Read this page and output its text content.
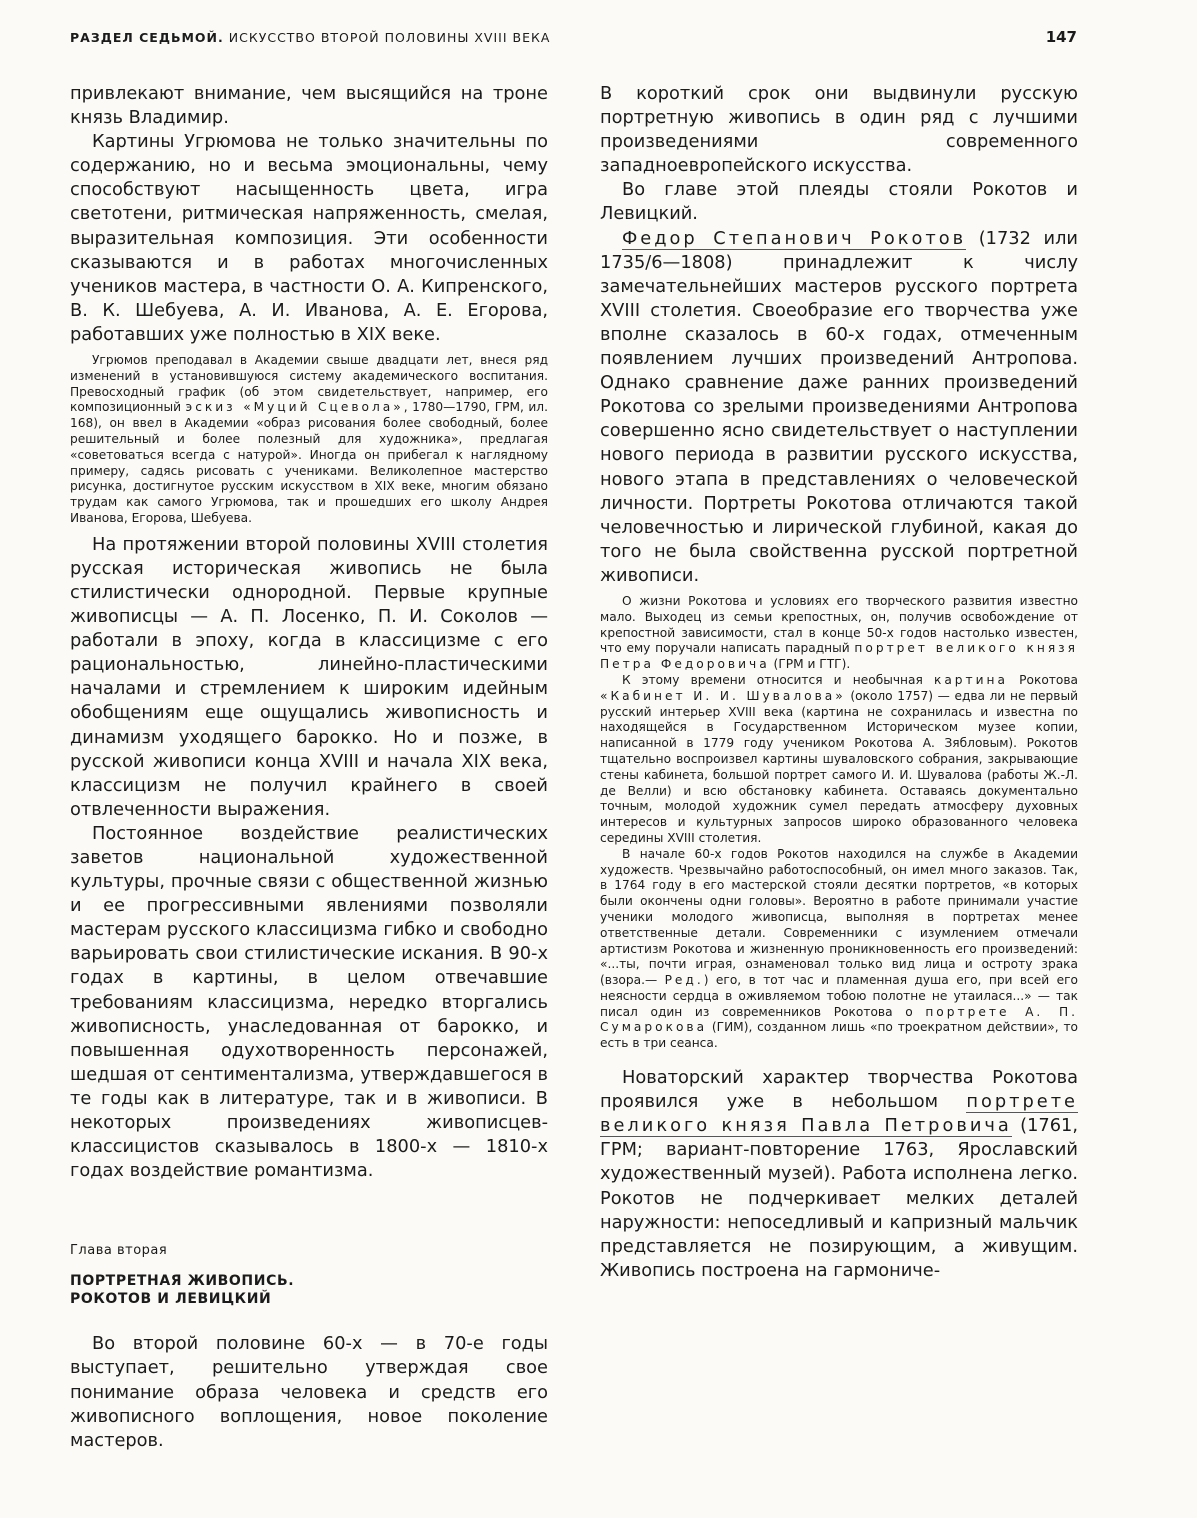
РАЗДЕЛ СЕДЬМОЙ. ИСКУССТВО ВТОРОЙ ПОЛОВИНЫ XVIII ВЕКА	147

привлекают внимание, чем высящийся на троне князь Владимир.

Картины Угрюмова не только значительны по содержанию, но и весьма эмоциональны, чему способствуют насыщенность цвета, игра светотени, ритмическая напряженность, смелая, выразительная композиция. Эти особенности сказываются и в работах многочисленных учеников мастера, в частности О. А. Кипренского, В. К. Шебуева, А. И. Иванова, А. Е. Егорова, работавших уже полностью в XIX веке.

Угрюмов преподавал в Академии свыше двадцати лет, внеся ряд изменений в установившуюся систему академического воспитания. Превосходный график (об этом свидетельствует, например, его композиционный эскиз «Муций Сцевола», 1780—1790, ГРМ, ил. 168), он ввел в Академии «образ рисования более свободный, более решительный и более полезный для художника», предлагая «советоваться всегда с натурой». Иногда он прибегал к наглядному примеру, садясь рисовать с учениками. Великолепное мастерство рисунка, достигнутое русским искусством в XIX веке, многим обязано трудам как самого Угрюмова, так и прошедших его школу Андрея Иванова, Егорова, Шебуева.

На протяжении второй половины XVIII столетия русская историческая живопись не была стилистически однородной. Первые крупные живописцы — А. П. Лосенко, П. И. Соколов — работали в эпоху, когда в классицизме с его рациональностью, линейно-пластическими началами и стремлением к широким идейным обобщениям еще ощущались живописность и динамизм уходящего барокко. Но и позже, в русской живописи конца XVIII и начала XIX века, классицизм не получил крайнего в своей отвлеченности выражения.

Постоянное воздействие реалистических заветов национальной художественной культуры, прочные связи с общественной жизнью и ее прогрессивными явлениями позволяли мастерам русского классицизма гибко и свободно варьировать свои стилистические искания. В 90-х годах в картины, в целом отвечавшие требованиям классицизма, нередко вторгались живописность, унаследованная от барокко, и повышенная одухотворенность персонажей, шедшая от сентиментализма, утверждавшегося в те годы как в литературе, так и в живописи. В некоторых произведениях живописцев-классицистов сказывалось в 1800-х — 1810-х годах воздействие романтизма.

Глава вторая

ПОРТРЕТНАЯ ЖИВОПИСЬ.
РОКОТОВ И ЛЕВИЦКИЙ

Во второй половине 60-х — в 70-е годы выступает, решительно утверждая свое понимание образа человека и средств его живописного воплощения, новое поколение мастеров.

В короткий срок они выдвинули русскую портретную живопись в один ряд с лучшими произведениями современного западноевропейского искусства.

Во главе этой плеяды стояли Рокотов и Левицкий.

Федор Степанович Рокотов (1732 или 1735/6—1808) принадлежит к числу замечательнейших мастеров русского портрета XVIII столетия. Своеобразие его творчества уже вполне сказалось в 60-х годах, отмеченным появлением лучших произведений Антропова. Однако сравнение даже ранних произведений Рокотова со зрелыми произведениями Антропова совершенно ясно свидетельствует о наступлении нового периода в развитии русского искусства, нового этапа в представлениях о человеческой личности. Портреты Рокотова отличаются такой человечностью и лирической глубиной, какая до того не была свойственна русской портретной живописи.

О жизни Рокотова и условиях его творческого развития известно мало. Выходец из семьи крепостных, он, получив освобождение от крепостной зависимости, стал в конце 50-х годов настолько известен, что ему поручали написать парадный портрет великого князя Петра Федоровича (ГРМ и ГТГ).

К этому времени относится и необычная картина Рокотова «Кабинет И. И. Шувалова» (около 1757) — едва ли не первый русский интерьер XVIII века (картина не сохранилась и известна по находящейся в Государственном Историческом музее копии, написанной в 1779 году учеником Рокотова А. Зябловым). Рокотов тщательно воспроизвел картины шуваловского собрания, закрывающие стены кабинета, большой портрет самого И. И. Шувалова (работы Ж.-Л. де Велли) и всю обстановку кабинета. Оставаясь документально точным, молодой художник сумел передать атмосферу духовных интересов и культурных запросов широко образованного человека середины XVIII столетия.

В начале 60-х годов Рокотов находился на службе в Академии художеств. Чрезвычайно работоспособный, он имел много заказов. Так, в 1764 году в его мастерской стояли десятки портретов, «в которых были окончены одни головы». Вероятно в работе принимали участие ученики молодого живописца, выполняя в портретах менее ответственные детали. Современники с изумлением отмечали артистизм Рокотова и жизненную проникновенность его произведений: «...ты, почти играя, ознаменовал только вид лица и остроту зрака (взора.— Ред.) его, в тот час и пламенная душа его, при всей его неясности сердца в оживляемом тобою полотне не утаилася...» — так писал один из современников Рокотова о портрете А. П. Сумарокова (ГИМ), созданном лишь «по троекратном действии», то есть в три сеанса.

Новаторский характер творчества Рокотова проявился уже в небольшом портрете великого князя Павла Петровича (1761, ГРМ; вариант-повторение 1763, Ярославский художественный музей). Работа исполнена легко. Рокотов не подчеркивает мелких деталей наружности: непоседливый и капризный мальчик представляется не позирующим, а живущим. Живопись построена на гармониче-
